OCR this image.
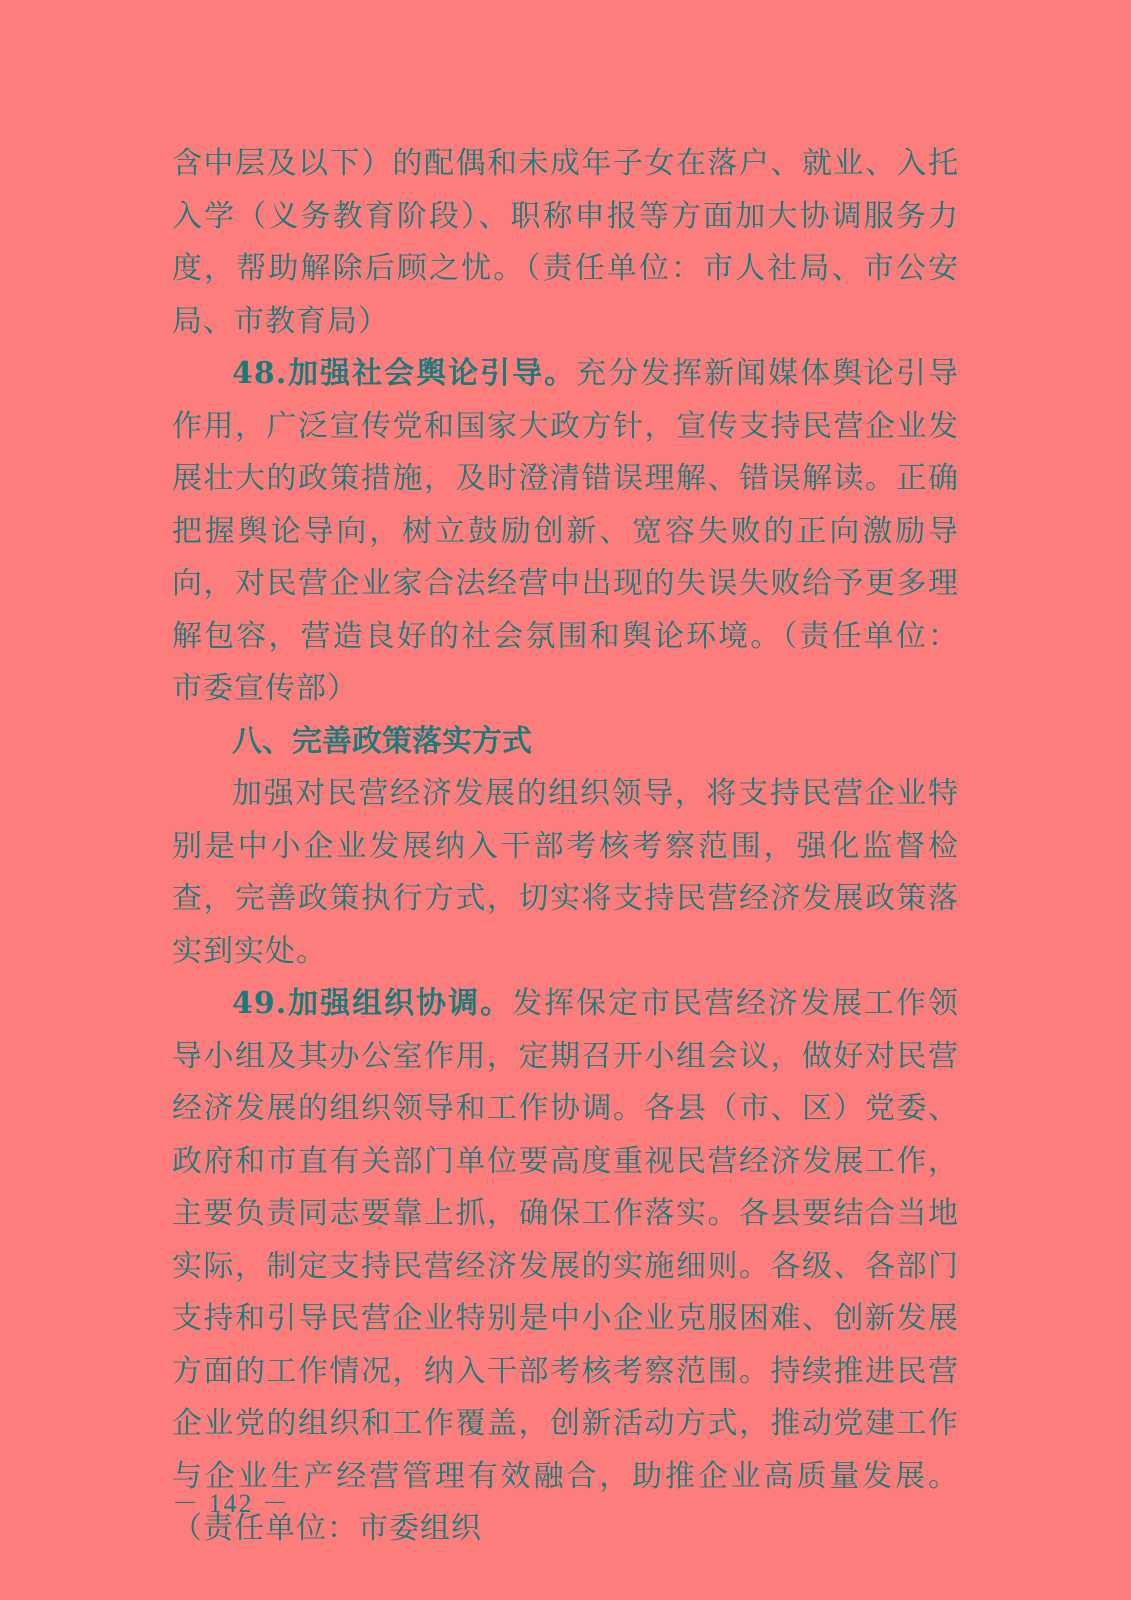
含中层及以下）的配偶和未成年子女在落户、就业、入托入学（义务教育阶段）、职称申报等方面加大协调服务力度，帮助解除后顾之忧。（责任单位：市人社局、市公安局、市教育局）

48.加强社会舆论引导。充分发挥新闻媒体舆论引导作用，广泛宣传党和国家大政方针，宣传支持民营企业发展壮大的政策措施，及时澄清错误理解、错误解读。正确把握舆论导向，树立鼓励创新、宽容失败的正向激励导向，对民营企业家合法经营中出现的失误失败给予更多理解包容，营造良好的社会氛围和舆论环境。（责任单位：市委宣传部）

八、完善政策落实方式

加强对民营经济发展的组织领导，将支持民营企业特别是中小企业发展纳入干部考核考察范围，强化监督检查，完善政策执行方式，切实将支持民营经济发展政策落实到实处。

49.加强组织协调。发挥保定市民营经济发展工作领导小组及其办公室作用，定期召开小组会议，做好对民营经济发展的组织领导和工作协调。各县（市、区）党委、政府和市直有关部门单位要高度重视民营经济发展工作，主要负责同志要靠上抓，确保工作落实。各县要结合当地实际，制定支持民营经济发展的实施细则。各级、各部门支持和引导民营企业特别是中小企业克服困难、创新发展方面的工作情况，纳入干部考核考察范围。持续推进民营企业党的组织和工作覆盖，创新活动方式，推动党建工作与企业生产经营管理有效融合，助推企业高质量发展。（责任单位：市委组织

－ 142 －
